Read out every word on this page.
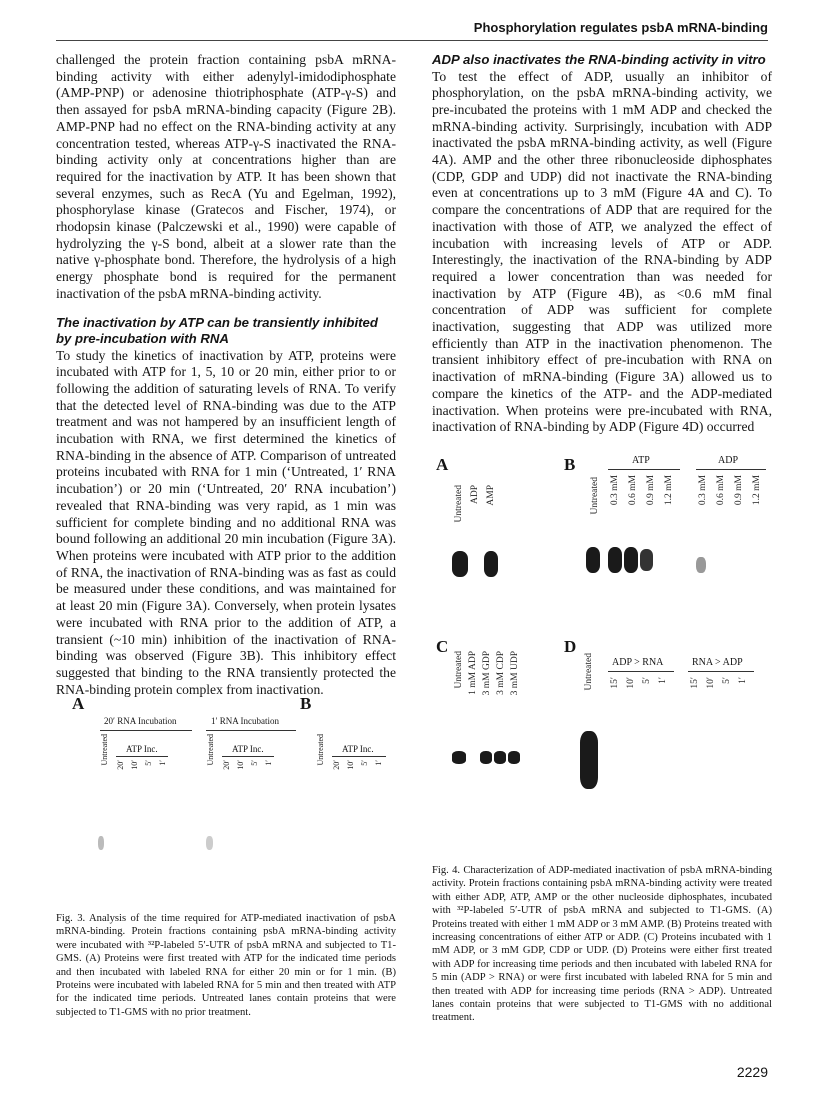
Phosphorylation regulates psbA mRNA-binding

challenged the protein fraction containing psbA mRNA-binding activity with either adenylyl-imidodiphosphate (AMP-PNP) or adenosine thiotriphosphate (ATP-γ-S) and then assayed for psbA mRNA-binding capacity (Figure 2B). AMP-PNP had no effect on the RNA-binding activity at any concentration tested, whereas ATP-γ-S inactivated the RNA-binding activity only at concentrations higher than are required for the inactivation by ATP. It has been shown that several enzymes, such as RecA (Yu and Egelman, 1992), phosphorylase kinase (Gratecos and Fischer, 1974), or rhodopsin kinase (Palczewski et al., 1990) were capable of hydrolyzing the γ-S bond, albeit at a slower rate than the native γ-phosphate bond. Therefore, the hydrolysis of a high energy phosphate bond is required for the permanent inactivation of the psbA mRNA-binding activity.

The inactivation by ATP can be transiently inhibited by pre-incubation with RNA

To study the kinetics of inactivation by ATP, proteins were incubated with ATP for 1, 5, 10 or 20 min, either prior to or following the addition of saturating levels of RNA. To verify that the detected level of RNA-binding was due to the ATP treatment and was not hampered by an insufficient length of incubation with RNA, we first determined the kinetics of RNA-binding in the absence of ATP. Comparison of untreated proteins incubated with RNA for 1 min (‘Untreated, 1′ RNA incubation’) or 20 min (‘Untreated, 20′ RNA incubation’) revealed that RNA-binding was very rapid, as 1 min was sufficient for complete binding and no additional RNA was bound following an additional 20 min incubation (Figure 3A). When proteins were incubated with ATP prior to the addition of RNA, the inactivation of RNA-binding was as fast as could be measured under these conditions, and was maintained for at least 20 min (Figure 3A). Conversely, when protein lysates were incubated with RNA prior to the addition of ATP, a transient (~10 min) inhibition of the inactivation of RNA-binding was observed (Figure 3B). This inhibitory effect suggested that binding to the RNA transiently protected the RNA-binding protein complex from inactivation.

ADP also inactivates the RNA-binding activity in vitro

To test the effect of ADP, usually an inhibitor of phosphorylation, on the psbA mRNA-binding activity, we pre-incubated the proteins with 1 mM ADP and checked the mRNA-binding activity. Surprisingly, incubation with ADP inactivated the psbA mRNA-binding activity, as well (Figure 4A). AMP and the other three ribonucleoside diphosphates (CDP, GDP and UDP) did not inactivate the RNA-binding even at concentrations up to 3 mM (Figure 4A and C). To compare the concentrations of ADP that are required for the inactivation with those of ATP, we analyzed the effect of incubation with increasing levels of ATP or ADP. Interestingly, the inactivation of the RNA-binding by ADP required a lower concentration than was needed for inactivation by ATP (Figure 4B), as <0.6 mM final concentration of ADP was sufficient for complete inactivation, suggesting that ADP was utilized more efficiently than ATP in the inactivation phenomenon. The transient inhibitory effect of pre-incubation with RNA on inactivation of mRNA-binding (Figure 3A) allowed us to compare the kinetics of the ATP- and the ADP-mediated inactivation. When proteins were pre-incubated with RNA, inactivation of RNA-binding by ADP (Figure 4D) occurred

A	B
20′ RNA Incubation	1′ RNA Incubation
Untreated ATP Inc.
20′ 10′ 5′ 1′	Untreated ATP Inc.
20′ 10′ 5′ 1′	Untreated ATP Inc.
20′ 10′ 5′ 1′
Fig. 3. Analysis of the time required for ATP-mediated inactivation of psbA mRNA-binding. Protein fractions containing psbA mRNA-binding activity were incubated with ³²P-labeled 5′-UTR of psbA mRNA and subjected to T1-GMS. (A) Proteins were first treated with ATP for the indicated time periods and then incubated with labeled RNA for either 20 min or for 1 min. (B) Proteins were incubated with labeled RNA for 5 min and then treated with ATP for the indicated time periods. Untreated lanes contain proteins that were subjected to T1-GMS with no prior treatment.
A
Untreated ADP AMP
B
Untreated
ATP	ADP
0.3 mM 0.6 mM 0.9 mM 1.2 mM	0.3 mM 0.6 mM 0.9 mM 1.2 mM
C
Untreated 1 mM ADP 3 mM GDP 3 mM CDP 3 mM UDP
D
Untreated ADP > RNA	RNA > ADP
15′ 10′ 5′ 1′ 15′ 10′ 5′ 1′
Fig. 4. Characterization of ADP-mediated inactivation of psbA mRNA-binding activity. Protein fractions containing psbA mRNA-binding activity were treated with either ADP, ATP, AMP or the other nucleoside diphosphates, incubated with ³²P-labeled 5′-UTR of psbA mRNA and subjected to T1-GMS. (A) Proteins treated with either 1 mM ADP or 3 mM AMP. (B) Proteins treated with increasing concentrations of either ATP or ADP. (C) Proteins incubated with 1 mM ADP, or 3 mM GDP, CDP or UDP. (D) Proteins were either first treated with ADP for increasing time periods and then incubated with labeled RNA for 5 min (ADP > RNA) or were first incubated with labeled RNA for 5 min and then treated with ADP for increasing time periods (RNA > ADP). Untreated lanes contain proteins that were subjected to T1-GMS with no additional treatment.
2229
